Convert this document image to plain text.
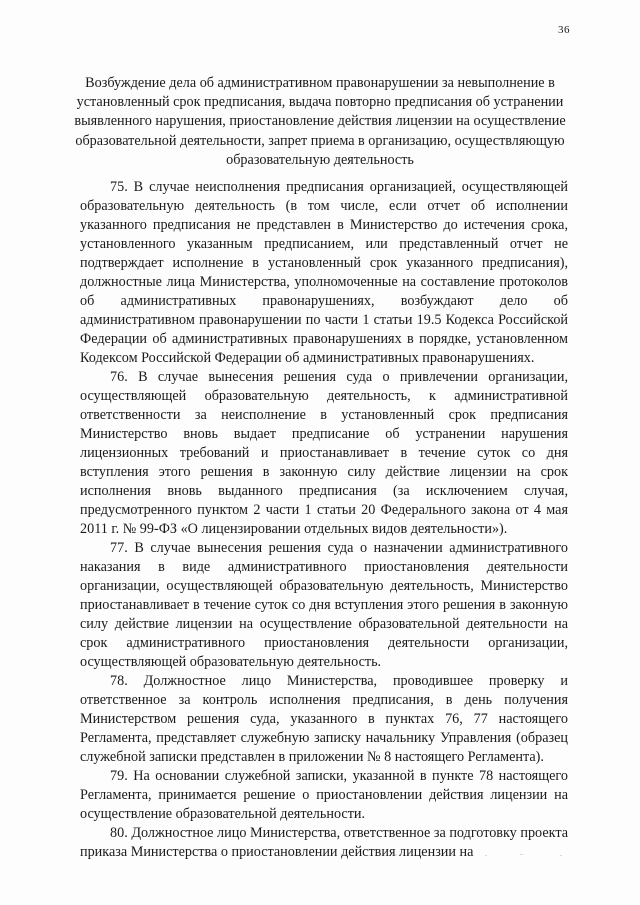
36
Возбуждение дела об административном правонарушении за невыполнение в установленный срок предписания, выдача повторно предписания об устранении выявленного нарушения, приостановление действия лицензии на осуществление образовательной деятельности, запрет приема в организацию, осуществляющую образовательную деятельность

75. В случае неисполнения предписания организацией, осуществляющей образовательную деятельность (в том числе, если отчет об исполнении указанного предписания не представлен в Министерство до истечения срока, установленного указанным предписанием, или представленный отчет не подтверждает исполнение в установленный срок указанного предписания), должностные лица Министерства, уполномоченные на составление протоколов об административных правонарушениях, возбуждают дело об административном правонарушении по части 1 статьи 19.5 Кодекса Российской Федерации об административных правонарушениях в порядке, установленном Кодексом Российской Федерации об административных правонарушениях.

76. В случае вынесения решения суда о привлечении организации, осуществляющей образовательную деятельность, к административной ответственности за неисполнение в установленный срок предписания Министерство вновь выдает предписание об устранении нарушения лицензионных требований и приостанавливает в течение суток со дня вступления этого решения в законную силу действие лицензии на срок исполнения вновь выданного предписания (за исключением случая, предусмотренного пунктом 2 части 1 статьи 20 Федерального закона от 4 мая 2011 г. № 99-ФЗ «О лицензировании отдельных видов деятельности»).

77. В случае вынесения решения суда о назначении административного наказания в виде административного приостановления деятельности организации, осуществляющей образовательную деятельность, Министерство приостанавливает в течение суток со дня вступления этого решения в законную силу действие лицензии на осуществление образовательной деятельности на срок административного приостановления деятельности организации, осуществляющей образовательную деятельность.

78. Должностное лицо Министерства, проводившее проверку и ответственное за контроль исполнения предписания, в день получения Министерством решения суда, указанного в пунктах 76, 77 настоящего Регламента, представляет служебную записку начальнику Управления (образец служебной записки представлен в приложении № 8 настоящего Регламента).

79. На основании служебной записки, указанной в пункте 78 настоящего Регламента, принимается решение о приостановлении действия лицензии на осуществление образовательной деятельности.

80. Должностное лицо Министерства, ответственное за подготовку проекта приказа Министерства о приостановлении действия лицензии на
